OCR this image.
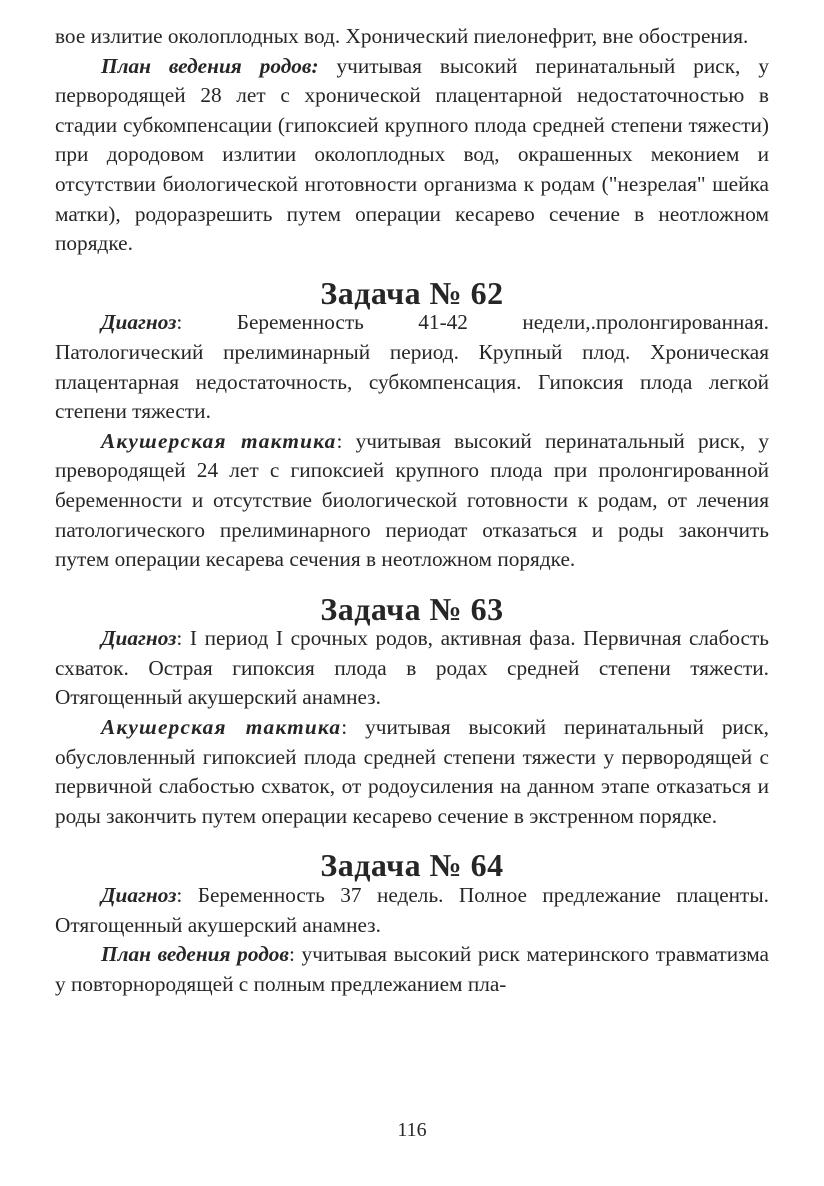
вое излитие околоплодных вод. Хронический пиелонефрит, вне обострения.

План ведения родов: учитывая высокий перинатальный риск, у первородящей 28 лет с хронической плацентарной недостаточностью в стадии субкомпенсации (гипоксией крупного плода средней степени тяжести) при дородовом излитии околоплодных вод, окрашенных меконием и отсутствии биологической нготовности организма к родам ("незрелая" шейка матки), родоразрешить путем операции кесарево сечение в неотложном порядке.

Задача № 62

Диагноз: Беременность 41-42 недели,.пролонгированная. Патологический прелиминарный период. Крупный плод. Хроническая плацентарная недостаточность, субкомпенсация. Гипоксия плода легкой степени тяжести.

Акушерская тактика: учитывая высокий перинатальный риск, у превородящей 24 лет с гипоксией крупного плода при пролонгированной беременности и отсутствие биологической готовности к родам, от лечения патологического прелиминарного периодат отказаться и роды закончить путем операции кесарева сечения в неотложном порядке.

Задача № 63

Диагноз: I период I срочных родов, активная фаза. Первичная слабость схваток. Острая гипоксия плода в родах средней степени тяжести. Отягощенный акушерский анамнез.

Акушерская тактика: учитывая высокий перинатальный риск, обусловленный гипоксией плода средней степени тяжести у первородящей с первичной слабостью схваток, от родоусиления на данном этапе отказаться и роды закончить путем операции кесарево сечение в экстренном порядке.

Задача № 64

Диагноз: Беременность 37 недель. Полное предлежание плаценты. Отягощенный акушерский анамнез.

План ведения родов: учитывая высокий риск материнского травматизма у повторнородящей с полным предлежанием пла-

116
